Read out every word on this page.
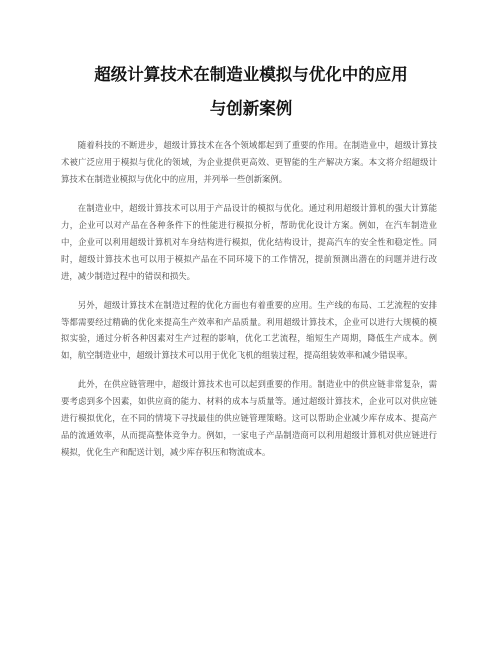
超级计算技术在制造业模拟与优化中的应用
与创新案例

随着科技的不断进步，超级计算技术在各个领域都起到了重要的作用。在制造业中，超级计算技术被广泛应用于模拟与优化的领域，为企业提供更高效、更智能的生产解决方案。本文将介绍超级计算技术在制造业模拟与优化中的应用，并列举一些创新案例。

在制造业中，超级计算技术可以用于产品设计的模拟与优化。通过利用超级计算机的强大计算能力，企业可以对产品在各种条件下的性能进行模拟分析，帮助优化设计方案。例如，在汽车制造业中，企业可以利用超级计算机对车身结构进行模拟，优化结构设计，提高汽车的安全性和稳定性。同时，超级计算技术也可以用于模拟产品在不同环境下的工作情况，提前预测出潜在的问题并进行改进，减少制造过程中的错误和损失。

另外，超级计算技术在制造过程的优化方面也有着重要的应用。生产线的布局、工艺流程的安排等都需要经过精确的优化来提高生产效率和产品质量。利用超级计算技术，企业可以进行大规模的模拟实验，通过分析各种因素对生产过程的影响，优化工艺流程，缩短生产周期，降低生产成本。例如，航空制造业中，超级计算技术可以用于优化飞机的组装过程，提高组装效率和减少错误率。

此外，在供应链管理中，超级计算技术也可以起到重要的作用。制造业中的供应链非常复杂，需要考虑到多个因素，如供应商的能力、材料的成本与质量等。通过超级计算技术，企业可以对供应链进行模拟优化，在不同的情境下寻找最佳的供应链管理策略。这可以帮助企业减少库存成本、提高产品的流通效率，从而提高整体竞争力。例如，一家电子产品制造商可以利用超级计算机对供应链进行模拟，优化生产和配送计划，减少库存积压和物流成本。
